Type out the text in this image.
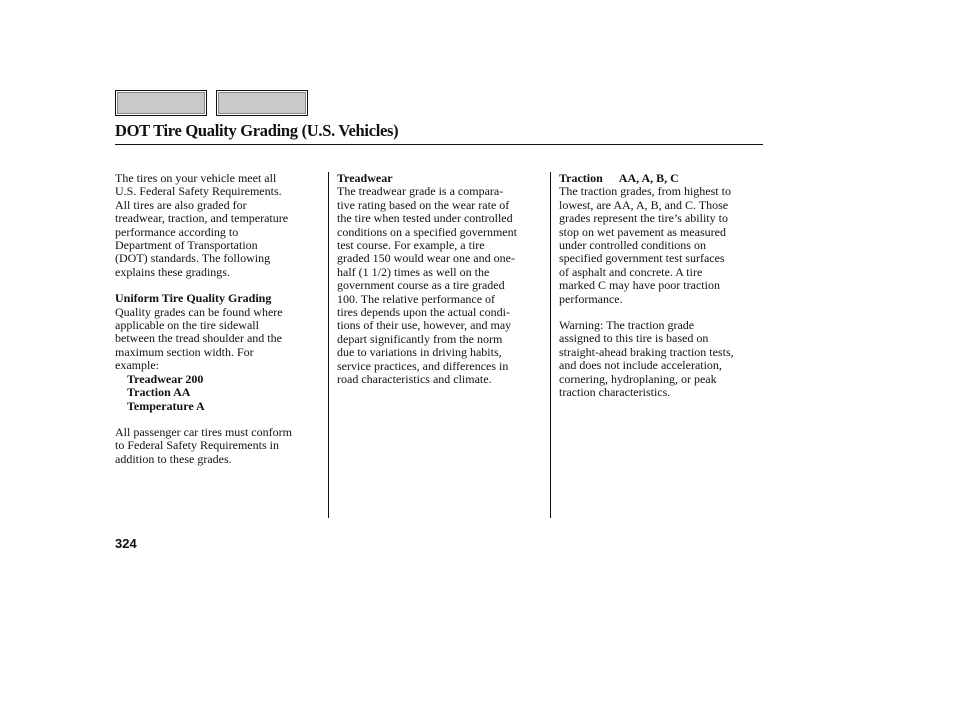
DOT Tire Quality Grading (U.S. Vehicles)

The tires on your vehicle meet all
U.S. Federal Safety Requirements.
All tires are also graded for
treadwear, traction, and temperature
performance according to
Department of Transportation
(DOT) standards. The following
explains these gradings.

Uniform Tire Quality Grading
Quality grades can be found where
applicable on the tire sidewall
between the tread shoulder and the
maximum section width. For
example:
Treadwear 200
Traction AA
Temperature A

All passenger car tires must conform
to Federal Safety Requirements in
addition to these grades.

Treadwear
The treadwear grade is a compara-
tive rating based on the wear rate of
the tire when tested under controlled
conditions on a specified government
test course. For example, a tire
graded 150 would wear one and one-
half (1 1/2) times as well on the
government course as a tire graded
100. The relative performance of
tires depends upon the actual condi-
tions of their use, however, and may
depart significantly from the norm
due to variations in driving habits,
service practices, and differences in
road characteristics and climate.

Traction AA, A, B, C
The traction grades, from highest to
lowest, are AA, A, B, and C. Those
grades represent the tire’s ability to
stop on wet pavement as measured
under controlled conditions on
specified government test surfaces
of asphalt and concrete. A tire
marked C may have poor traction
performance.

Warning: The traction grade
assigned to this tire is based on
straight-ahead braking traction tests,
and does not include acceleration,
cornering, hydroplaning, or peak
traction characteristics.

324
